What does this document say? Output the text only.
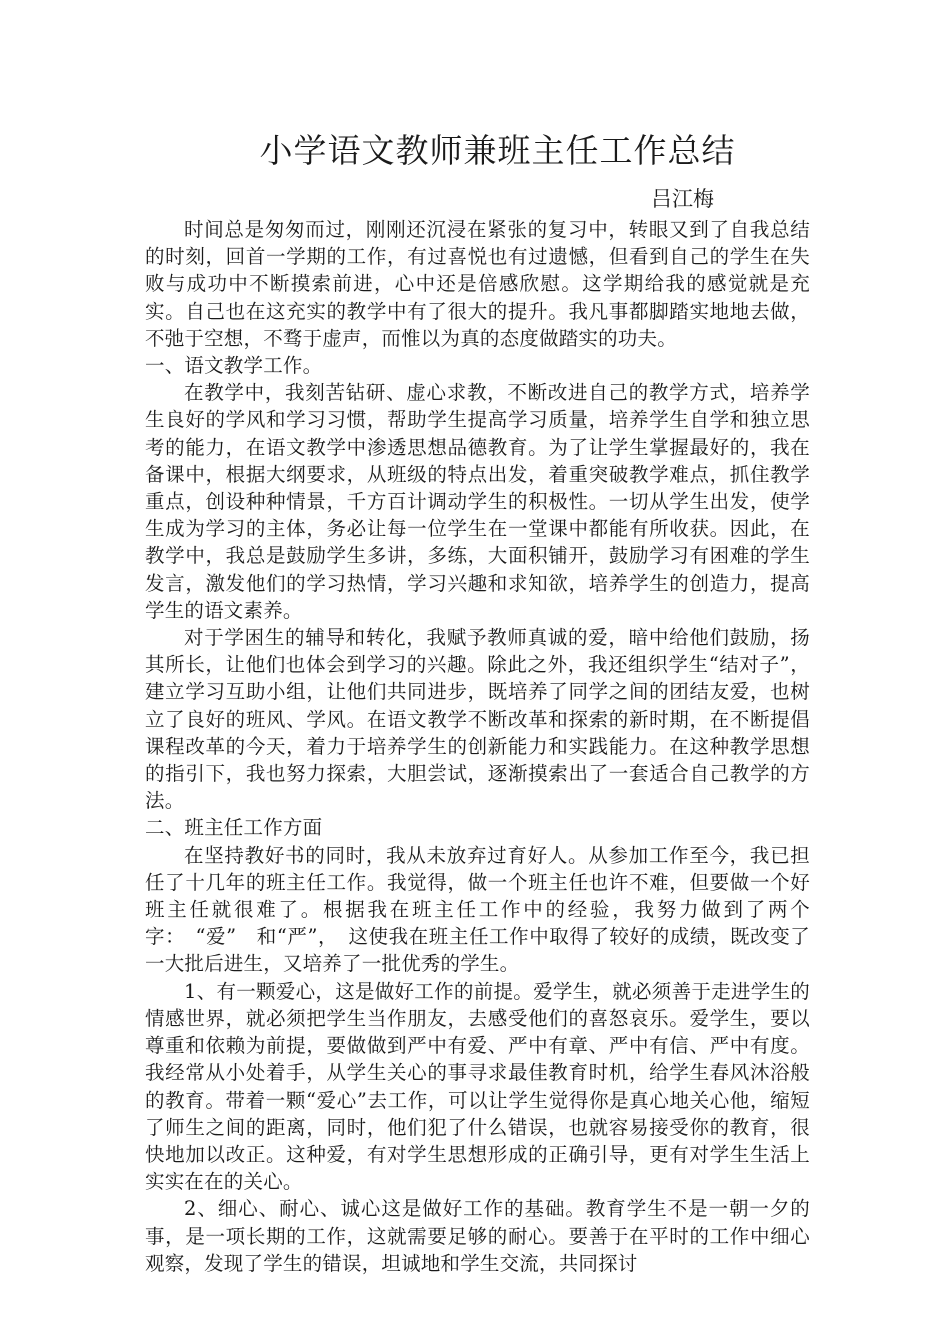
小学语文教师兼班主任工作总结

吕江梅

时间总是匆匆而过，刚刚还沉浸在紧张的复习中，转眼又到了自我总结的时刻，回首一学期的工作，有过喜悦也有过遗憾，但看到自己的学生在失败与成功中不断摸索前进，心中还是倍感欣慰。这学期给我的感觉就是充实。自己也在这充实的教学中有了很大的提升。我凡事都脚踏实地地去做，不弛于空想，不骛于虚声，而惟以为真的态度做踏实的功夫。

一、语文教学工作。

在教学中，我刻苦钻研、虚心求教，不断改进自己的教学方式，培养学生良好的学风和学习习惯，帮助学生提高学习质量，培养学生自学和独立思考的能力，在语文教学中渗透思想品德教育。为了让学生掌握最好的，我在备课中，根据大纲要求，从班级的特点出发，着重突破教学难点，抓住教学重点，创设种种情景，千方百计调动学生的积极性。一切从学生出发，使学生成为学习的主体，务必让每一位学生在一堂课中都能有所收获。因此，在教学中，我总是鼓励学生多讲，多练，大面积铺开，鼓励学习有困难的学生发言，激发他们的学习热情，学习兴趣和求知欲，培养学生的创造力，提高学生的语文素养。

对于学困生的辅导和转化，我赋予教师真诚的爱，暗中给他们鼓励，扬其所长，让他们也体会到学习的兴趣。除此之外，我还组织学生“结对子”，建立学习互助小组，让他们共同进步，既培养了同学之间的团结友爱，也树立了良好的班风、学风。在语文教学不断改革和探索的新时期，在不断提倡课程改革的今天，着力于培养学生的创新能力和实践能力。在这种教学思想的指引下，我也努力探索，大胆尝试，逐渐摸索出了一套适合自己教学的方法。

二、班主任工作方面

在坚持教好书的同时，我从未放弃过育好人。从参加工作至今，我已担任了十几年的班主任工作。我觉得，做一个班主任也许不难，但要做一个好班主任就很难了。根据我在班主任工作中的经验，我努力做到了两个字：　“爱”　和“严”，　这使我在班主任工作中取得了较好的成绩，既改变了一大批后进生，又培养了一批优秀的学生。

1、有一颗爱心，这是做好工作的前提。爱学生，就必须善于走进学生的情感世界，就必须把学生当作朋友，去感受他们的喜怒哀乐。爱学生，要以尊重和依赖为前提，要做做到严中有爱、严中有章、严中有信、严中有度。我经常从小处着手，从学生关心的事寻求最佳教育时机，给学生春风沐浴般的教育。带着一颗“爱心”去工作，可以让学生觉得你是真心地关心他，缩短了师生之间的距离，同时，他们犯了什么错误，也就容易接受你的教育，很快地加以改正。这种爱，有对学生思想形成的正确引导，更有对学生生活上实实在在的关心。

2、细心、耐心、诚心这是做好工作的基础。教育学生不是一朝一夕的事，是一项长期的工作，这就需要足够的耐心。要善于在平时的工作中细心观察，发现了学生的错误，坦诚地和学生交流，共同探讨
